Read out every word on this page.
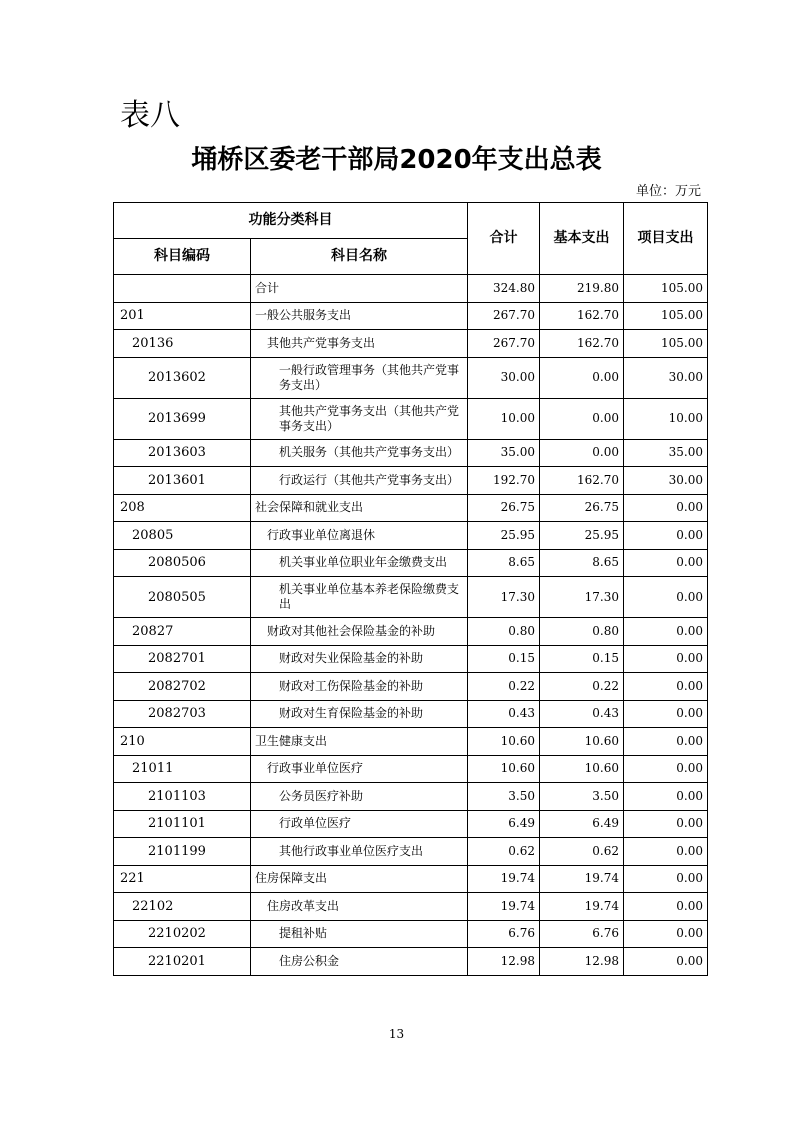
表八
埇桥区委老干部局2020年支出总表
单位：万元
功能分类科目		合计	基本支出	项目支出
科目编码	科目名称			
	合计	324.80	219.80	105.00
201	一般公共服务支出	267.70	162.70	105.00
20136	其他共产党事务支出	267.70	162.70	105.00
2013602	一般行政管理事务（其他共产党事务支出）	30.00	0.00	30.00
2013699	其他共产党事务支出（其他共产党事务支出）	10.00	0.00	10.00
2013603	机关服务（其他共产党事务支出）	35.00	0.00	35.00
2013601	行政运行（其他共产党事务支出）	192.70	162.70	30.00
208	社会保障和就业支出	26.75	26.75	0.00
20805	行政事业单位离退休	25.95	25.95	0.00
2080506	机关事业单位职业年金缴费支出	8.65	8.65	0.00
2080505	机关事业单位基本养老保险缴费支出	17.30	17.30	0.00
20827	财政对其他社会保险基金的补助	0.80	0.80	0.00
2082701	财政对失业保险基金的补助	0.15	0.15	0.00
2082702	财政对工伤保险基金的补助	0.22	0.22	0.00
2082703	财政对生育保险基金的补助	0.43	0.43	0.00
210	卫生健康支出	10.60	10.60	0.00
21011	行政事业单位医疗	10.60	10.60	0.00
2101103	公务员医疗补助	3.50	3.50	0.00
2101101	行政单位医疗	6.49	6.49	0.00
2101199	其他行政事业单位医疗支出	0.62	0.62	0.00
221	住房保障支出	19.74	19.74	0.00
22102	住房改革支出	19.74	19.74	0.00
2210202	提租补贴	6.76	6.76	0.00
2210201	住房公积金	12.98	12.98	0.00
13
